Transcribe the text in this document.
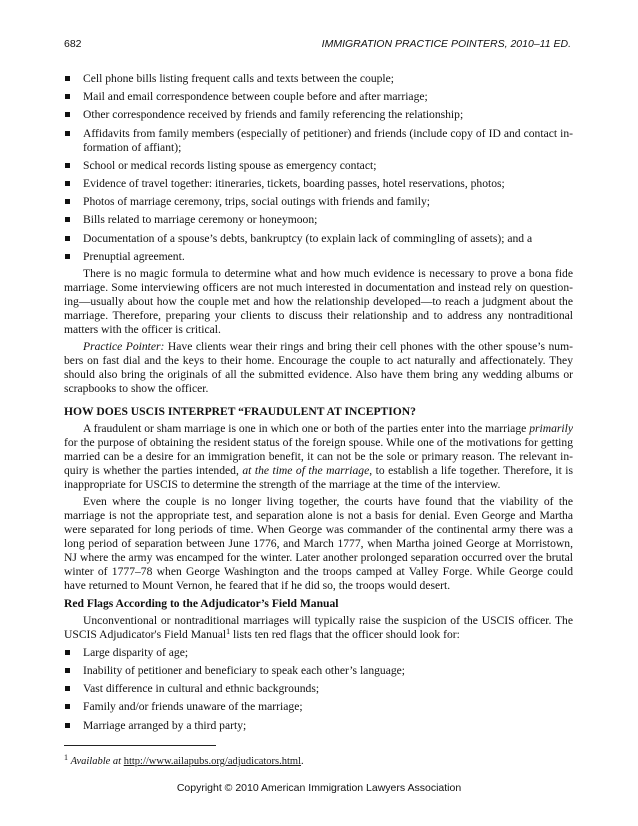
682	IMMIGRATION PRACTICE POINTERS, 2010–11 ED.
Cell phone bills listing frequent calls and texts between the couple;
Mail and email correspondence between couple before and after marriage;
Other correspondence received by friends and family referencing the relationship;
Affidavits from family members (especially of petitioner) and friends (include copy of ID and contact information of affiant);
School or medical records listing spouse as emergency contact;
Evidence of travel together: itineraries, tickets, boarding passes, hotel reservations, photos;
Photos of marriage ceremony, trips, social outings with friends and family;
Bills related to marriage ceremony or honeymoon;
Documentation of a spouse’s debts, bankruptcy (to explain lack of commingling of assets); and a
Prenuptial agreement.

There is no magic formula to determine what and how much evidence is necessary to prove a bona fide marriage. Some interviewing officers are not much interested in documentation and instead rely on questioning—usually about how the couple met and how the relationship developed—to reach a judgment about the marriage. Therefore, preparing your clients to discuss their relationship and to address any nontraditional matters with the officer is critical.

Practice Pointer: Have clients wear their rings and bring their cell phones with the other spouse’s numbers on fast dial and the keys to their home. Encourage the couple to act naturally and affectionately. They should also bring the originals of all the submitted evidence. Also have them bring any wedding albums or scrapbooks to show the officer.

HOW DOES USCIS INTERPRET “FRAUDULENT AT INCEPTION?

A fraudulent or sham marriage is one in which one or both of the parties enter into the marriage primarily for the purpose of obtaining the resident status of the foreign spouse. While one of the motivations for getting married can be a desire for an immigration benefit, it can not be the sole or primary reason. The relevant inquiry is whether the parties intended, at the time of the marriage, to establish a life together. Therefore, it is inappropriate for USCIS to determine the strength of the marriage at the time of the interview.

Even where the couple is no longer living together, the courts have found that the viability of the marriage is not the appropriate test, and separation alone is not a basis for denial. Even George and Martha were separated for long periods of time. When George was commander of the continental army there was a long period of separation between June 1776, and March 1777, when Martha joined George at Morristown, NJ where the army was encamped for the winter. Later another prolonged separation occurred over the brutal winter of 1777–78 when George Washington and the troops camped at Valley Forge. While George could have returned to Mount Vernon, he feared that if he did so, the troops would desert.

Red Flags According to the Adjudicator’s Field Manual

Unconventional or nontraditional marriages will typically raise the suspicion of the USCIS officer. The USCIS Adjudicator's Field Manual$^1$ lists ten red flags that the officer should look for:

Large disparity of age;
Inability of petitioner and beneficiary to speak each other’s language;
Vast difference in cultural and ethnic backgrounds;
Family and/or friends unaware of the marriage;
Marriage arranged by a third party;
$^1$ Available at http://www.ailapubs.org/adjudicators.html.
Copyright © 2010 American Immigration Lawyers Association
